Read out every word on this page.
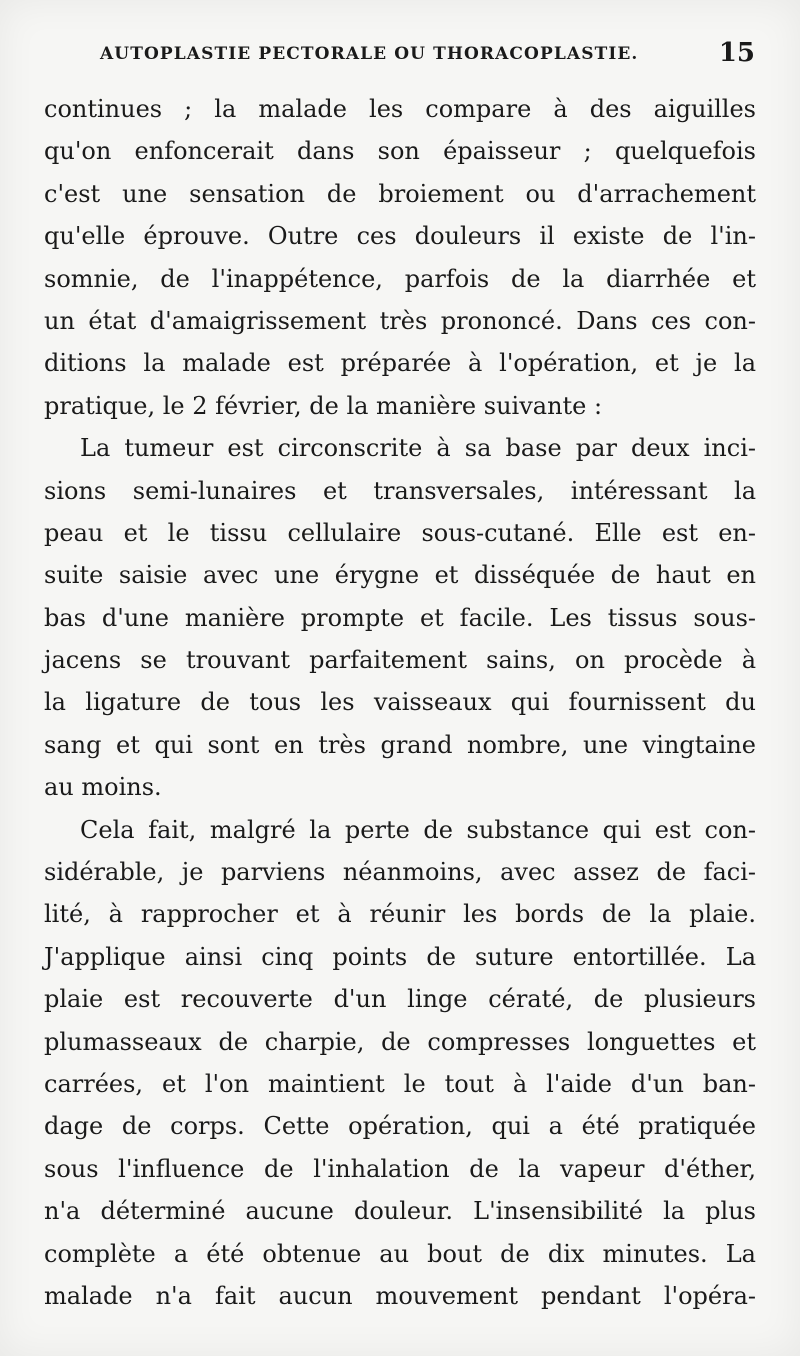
AUTOPLASTIE PECTORALE OU THORACOPLASTIE.	15
continues ; la malade les compare à des aiguilles
qu'on enfoncerait dans son épaisseur ; quelquefois
c'est une sensation de broiement ou d'arrachement
qu'elle éprouve. Outre ces douleurs il existe de l'in-
somnie, de l'inappétence, parfois de la diarrhée et
un état d'amaigrissement très prononcé. Dans ces con-
ditions la malade est préparée à l'opération, et je la
pratique, le 2 février, de la manière suivante :
La tumeur est circonscrite à sa base par deux inci-
sions semi-lunaires et transversales, intéressant la
peau et le tissu cellulaire sous-cutané. Elle est en-
suite saisie avec une érygne et disséquée de haut en
bas d'une manière prompte et facile. Les tissus sous-
jacens se trouvant parfaitement sains, on procède à
la ligature de tous les vaisseaux qui fournissent du
sang et qui sont en très grand nombre, une vingtaine
au moins.
Cela fait, malgré la perte de substance qui est con-
sidérable, je parviens néanmoins, avec assez de faci-
lité, à rapprocher et à réunir les bords de la plaie.
J'applique ainsi cinq points de suture entortillée. La
plaie est recouverte d'un linge cératé, de plusieurs
plumasseaux de charpie, de compresses longuettes et
carrées, et l'on maintient le tout à l'aide d'un ban-
dage de corps. Cette opération, qui a été pratiquée
sous l'influence de l'inhalation de la vapeur d'éther,
n'a déterminé aucune douleur. L'insensibilité la plus
complète a été obtenue au bout de dix minutes. La
malade n'a fait aucun mouvement pendant l'opéra-
